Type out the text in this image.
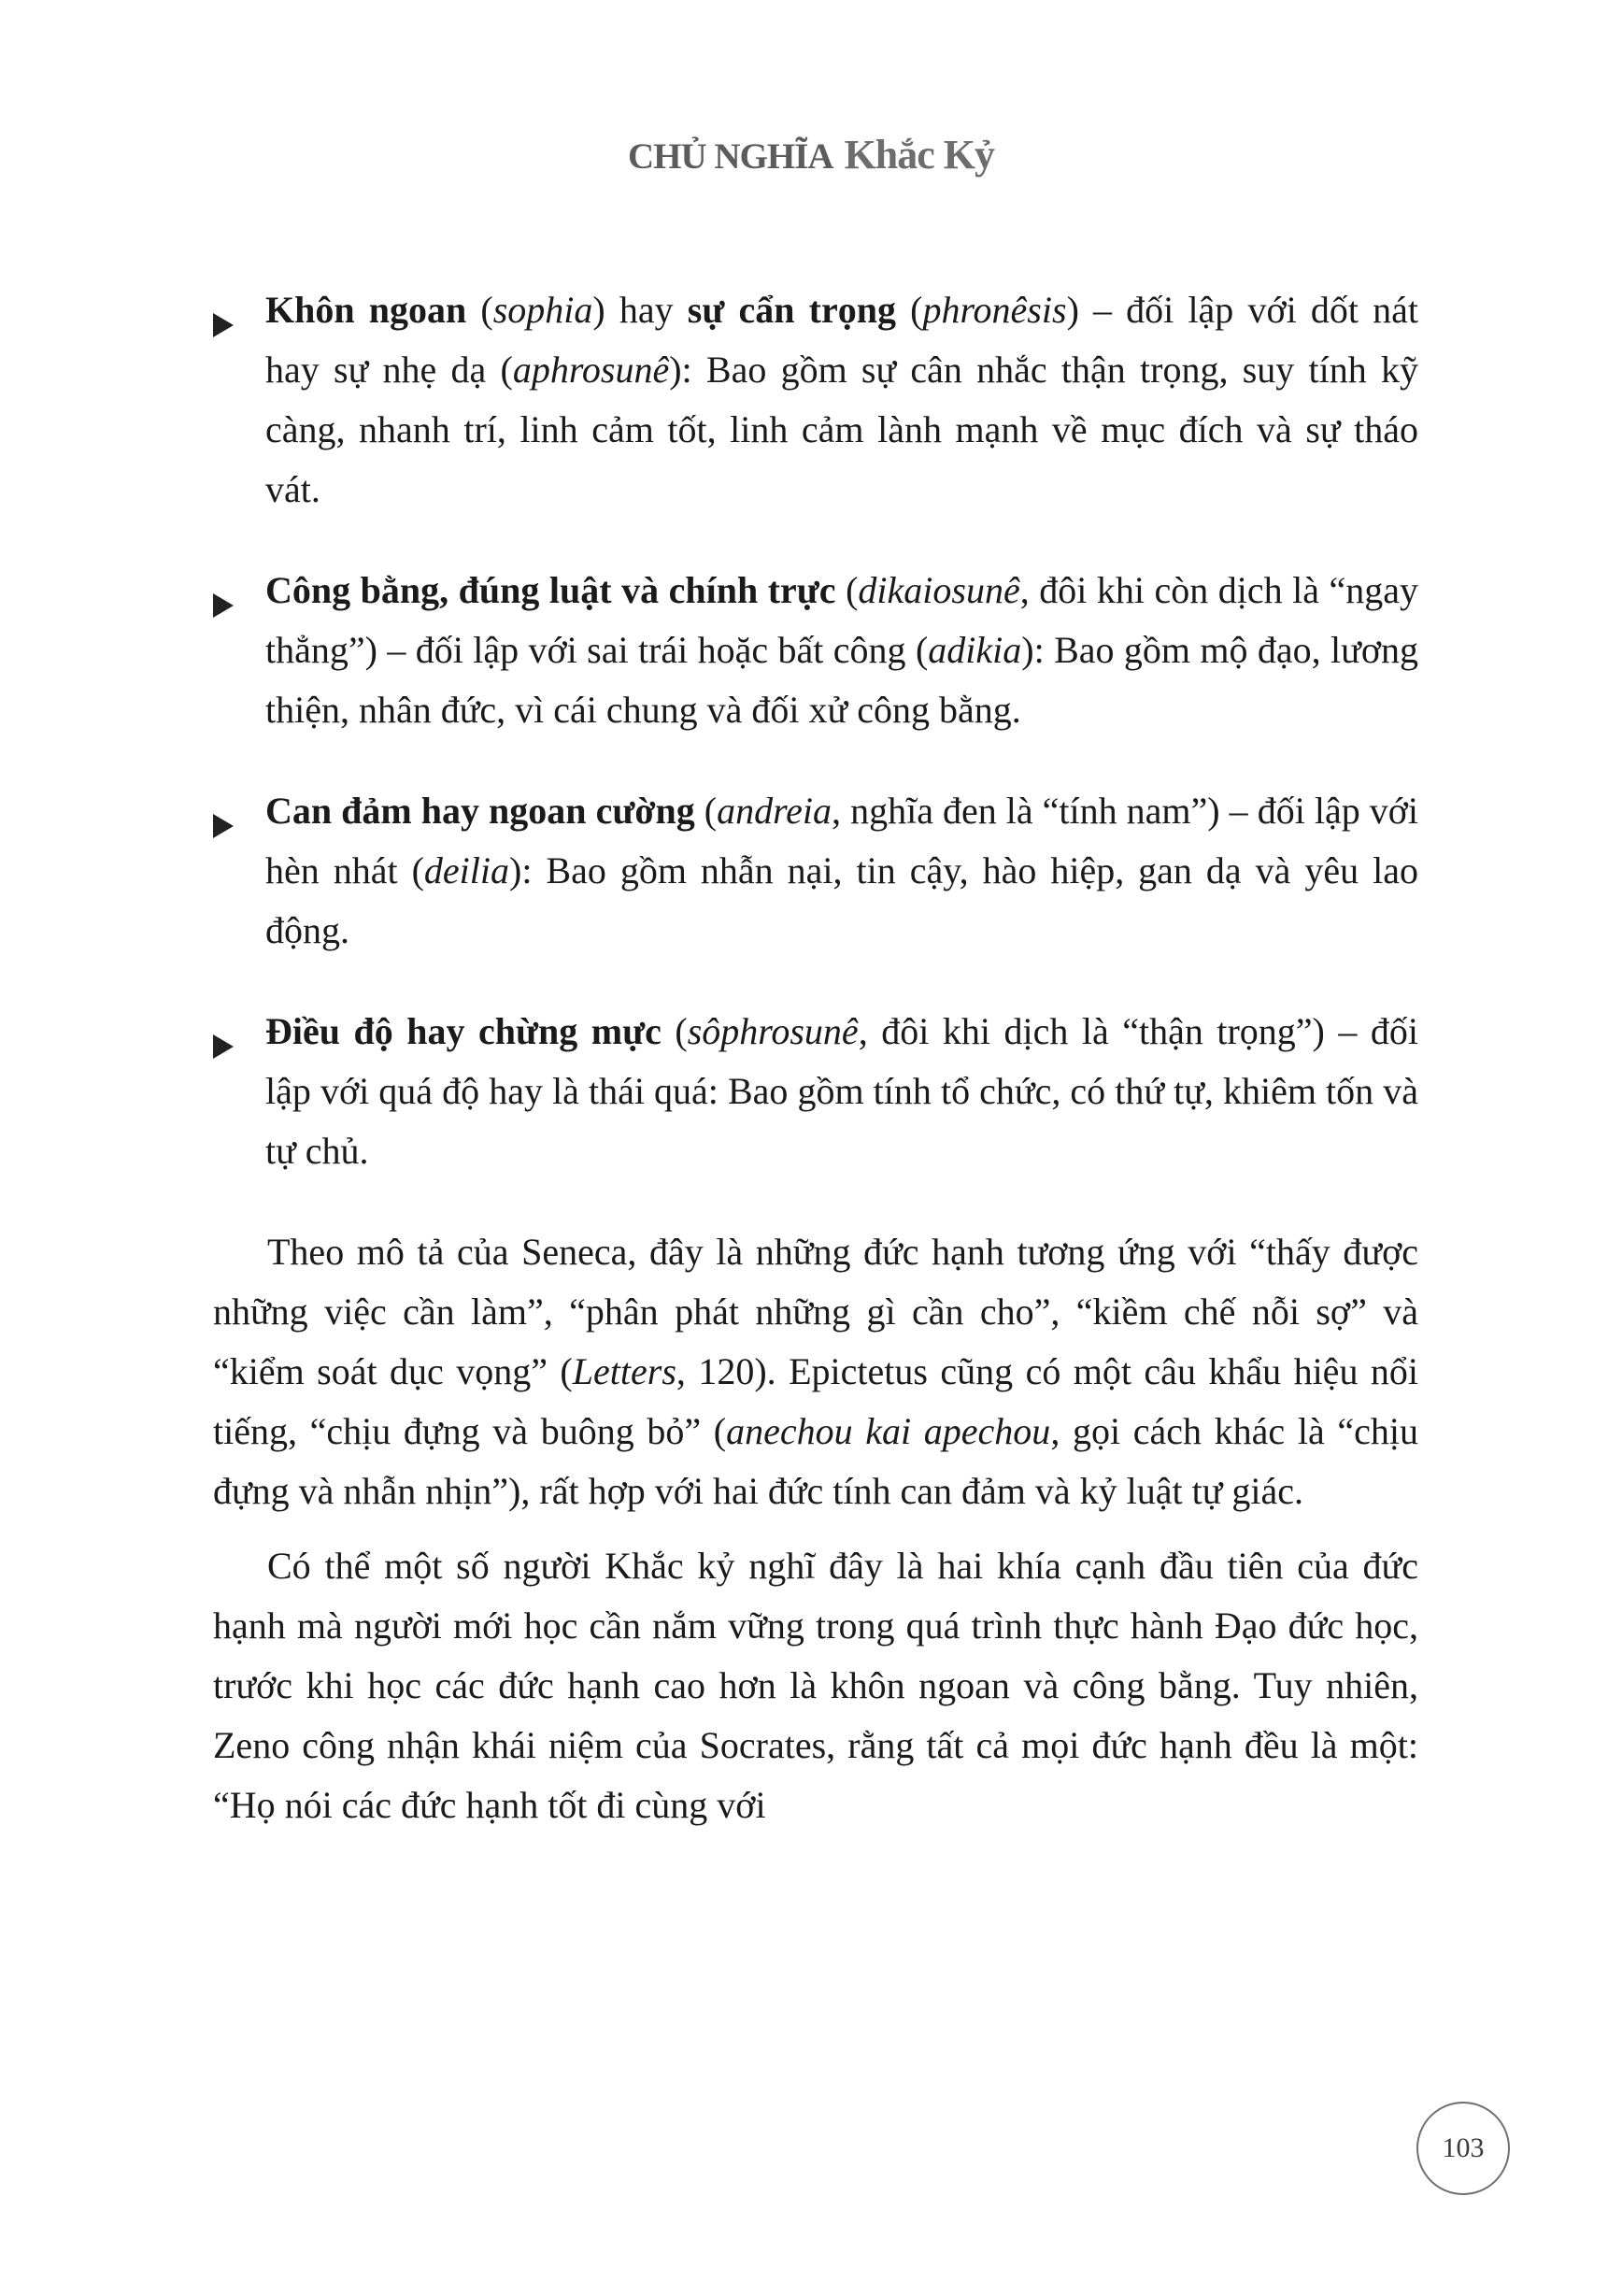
CHỦ NGHĨA Khắc Kỷ
Khôn ngoan (sophia) hay sự cẩn trọng (phronêsis) – đối lập với dốt nát hay sự nhẹ dạ (aphrosunê): Bao gồm sự cân nhắc thận trọng, suy tính kỹ càng, nhanh trí, linh cảm tốt, linh cảm lành mạnh về mục đích và sự tháo vát.
Công bằng, đúng luật và chính trực (dikaiosunê, đôi khi còn dịch là “ngay thẳng”) – đối lập với sai trái hoặc bất công (adikia): Bao gồm mộ đạo, lương thiện, nhân đức, vì cái chung và đối xử công bằng.
Can đảm hay ngoan cường (andreia, nghĩa đen là “tính nam”) – đối lập với hèn nhát (deilia): Bao gồm nhẫn nại, tin cậy, hào hiệp, gan dạ và yêu lao động.
Điều độ hay chừng mực (sôphrosunê, đôi khi dịch là “thận trọng”) – đối lập với quá độ hay là thái quá: Bao gồm tính tổ chức, có thứ tự, khiêm tốn và tự chủ.

Theo mô tả của Seneca, đây là những đức hạnh tương ứng với “thấy được những việc cần làm”, “phân phát những gì cần cho”, “kiềm chế nỗi sợ” và “kiểm soát dục vọng” (Letters, 120). Epictetus cũng có một câu khẩu hiệu nổi tiếng, “chịu đựng và buông bỏ” (anechou kai apechou, gọi cách khác là “chịu đựng và nhẫn nhịn”), rất hợp với hai đức tính can đảm và kỷ luật tự giác.

Có thể một số người Khắc kỷ nghĩ đây là hai khía cạnh đầu tiên của đức hạnh mà người mới học cần nắm vững trong quá trình thực hành Đạo đức học, trước khi học các đức hạnh cao hơn là khôn ngoan và công bằng. Tuy nhiên, Zeno công nhận khái niệm của Socrates, rằng tất cả mọi đức hạnh đều là một: “Họ nói các đức hạnh tốt đi cùng với

103
